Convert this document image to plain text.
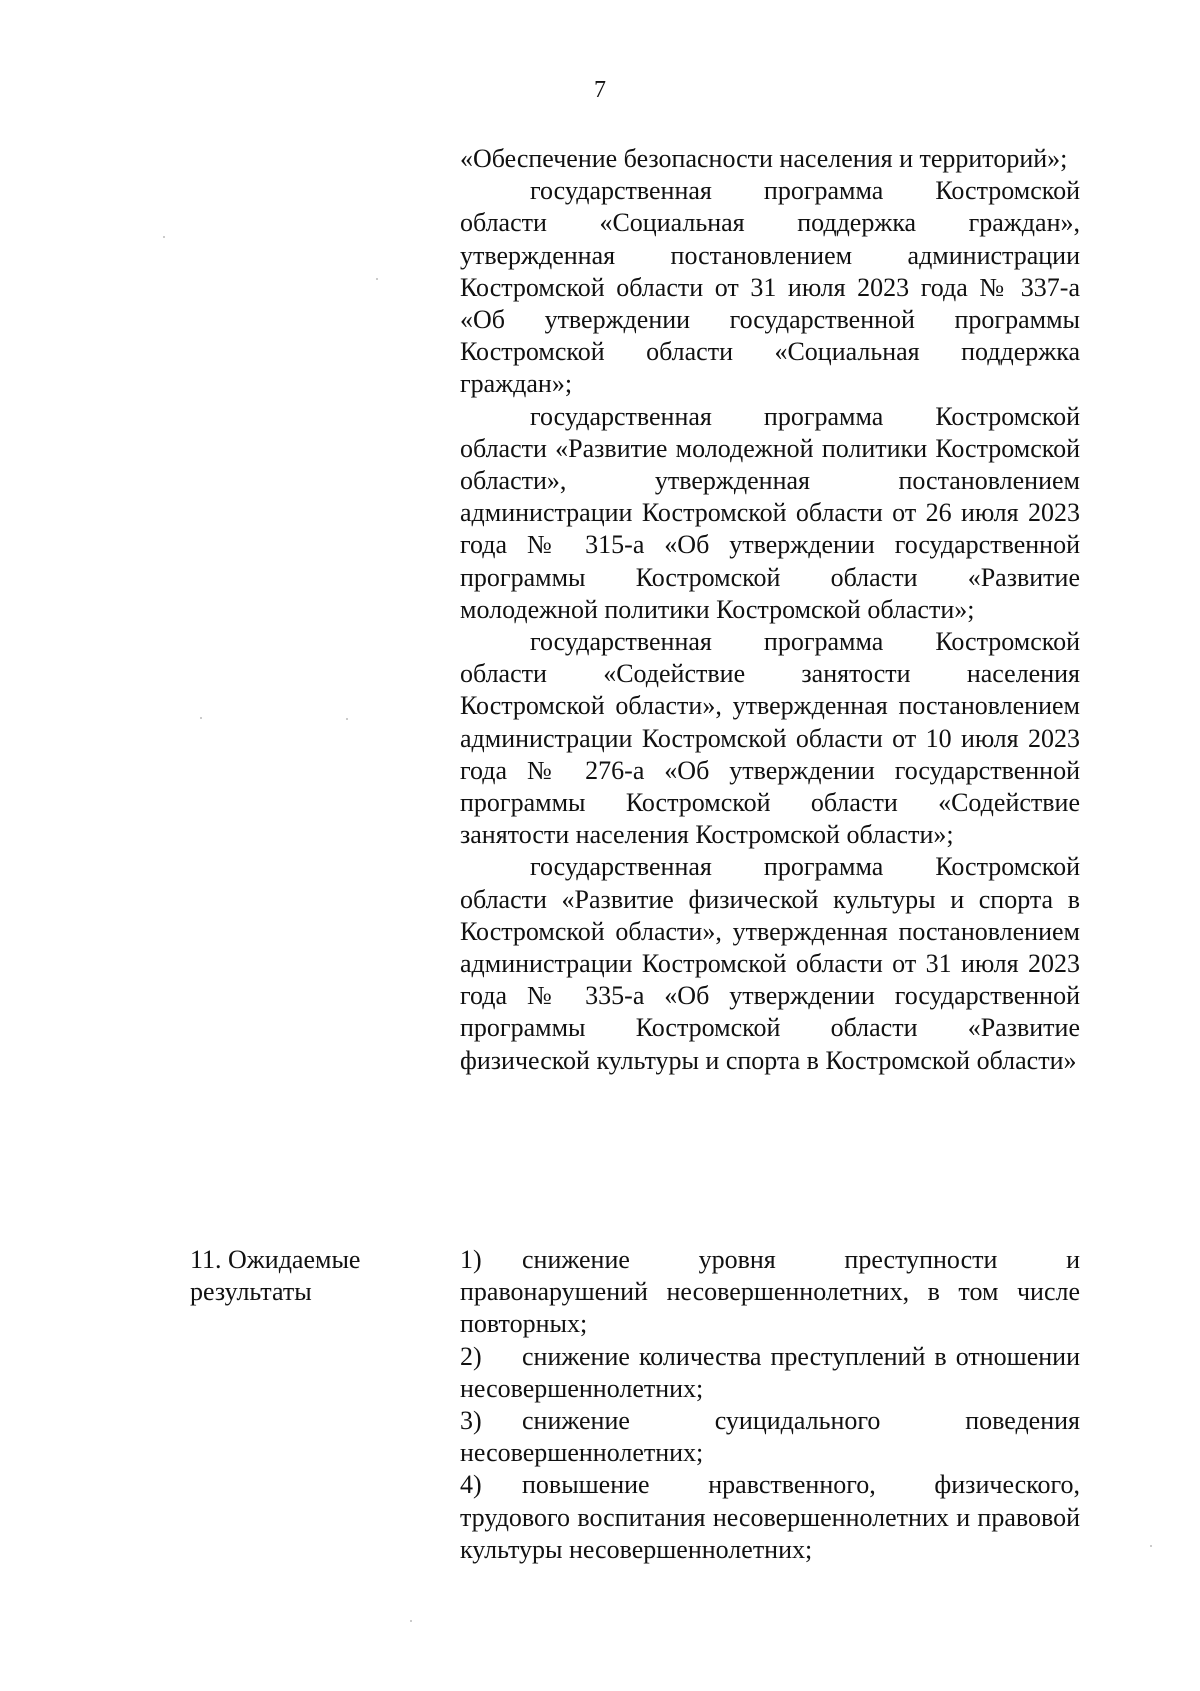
7

«Обеспечение безопасности населения и территорий»;

государственная программа Костромской области «Социальная поддержка граждан», утвержденная постановлением администрации Костромской области от 31 июля 2023 года № 337-а «Об утверждении государственной программы Костромской области «Социальная поддержка граждан»;

государственная программа Костромской области «Развитие молодежной политики Костромской области», утвержденная постановлением администрации Костромской области от 26 июля 2023 года № 315-а «Об утверждении государственной программы Костромской области «Развитие молодежной политики Костромской области»;

государственная программа Костромской области «Содействие занятости населения Костромской области», утвержденная постановлением администрации Костромской области от 10 июля 2023 года № 276-а «Об утверждении государственной программы Костромской области «Содействие занятости населения Костромской области»;

государственная программа Костромской области «Развитие физической культуры и спорта в Костромской области», утвержденная постановлением администрации Костромской области от 31 июля 2023 года № 335-а «Об утверждении государственной программы Костромской области «Развитие физической культуры и спорта в Костромской области»

11. Ожидаемые результаты

1) снижение уровня преступности и правонарушений несовершеннолетних, в том числе повторных;

2) снижение количества преступлений в отношении несовершеннолетних;

3) снижение суицидального поведения несовершеннолетних;

4) повышение нравственного, физического, трудового воспитания несовершеннолетних и правовой культуры несовершеннолетних;
